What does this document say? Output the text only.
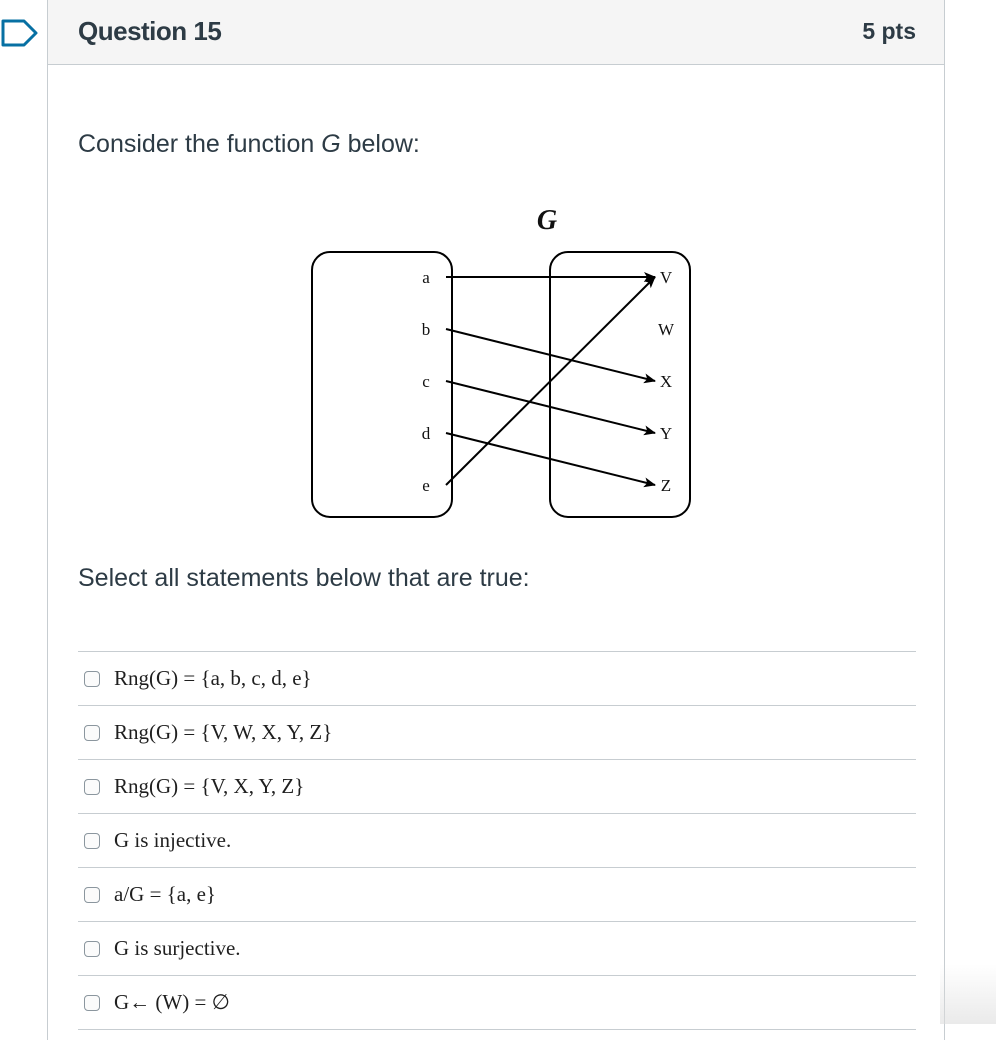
Question 15	5 pts
Consider the function G below:
G
a
b
c
d
e
V
W
X
Y
Z
Select all statements below that are true:
Rng(G) = {a, b, c, d, e}
Rng(G) = {V, W, X, Y, Z}
Rng(G) = {V, X, Y, Z}
G is injective.
a/G = {a, e}
G is surjective.
G← (W) = ∅
